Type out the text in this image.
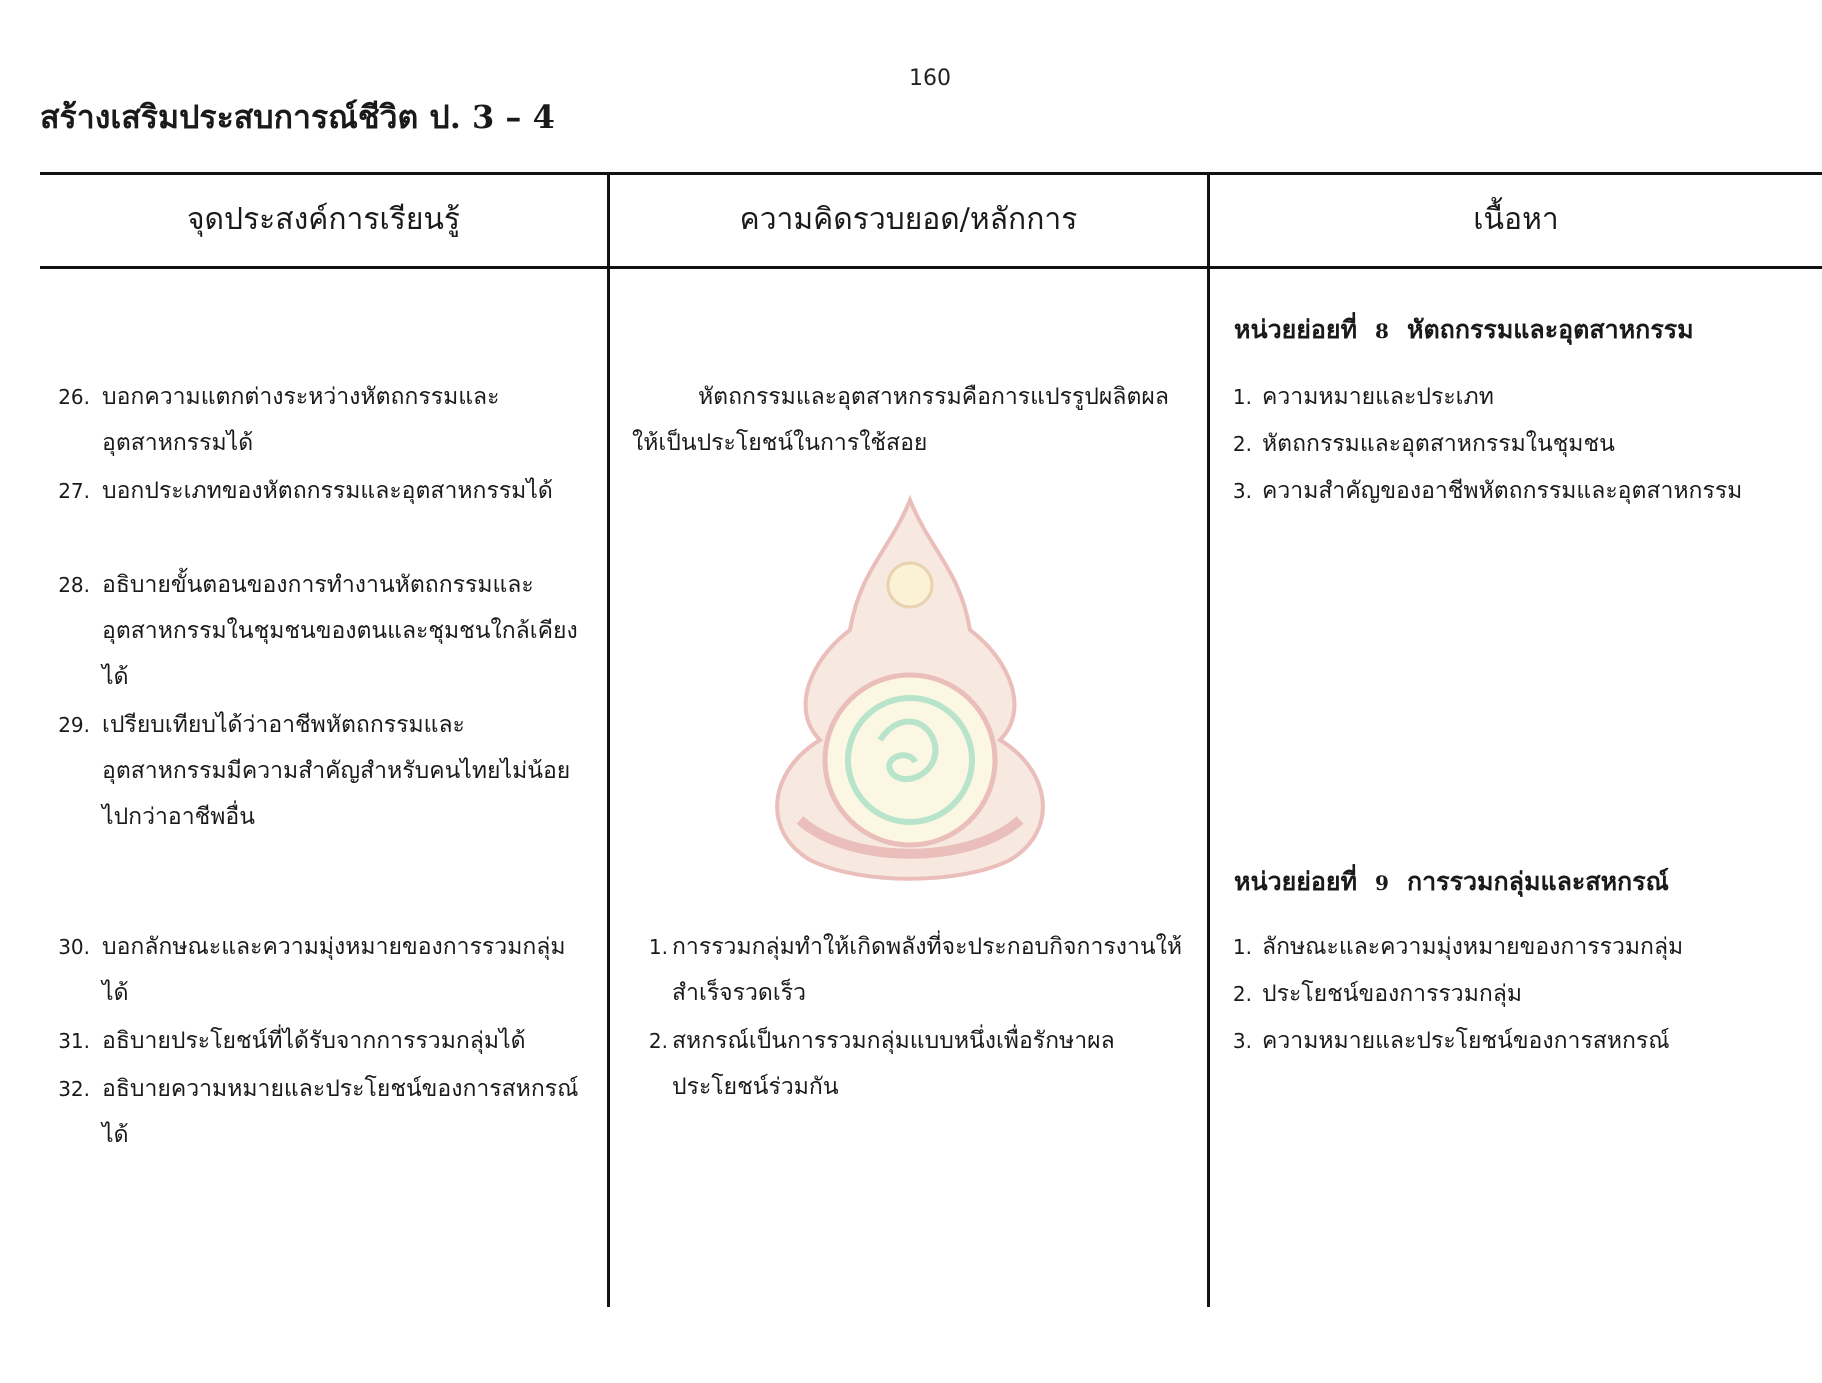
160
สร้างเสริมประสบการณ์ชีวิต ป. 3 – 4
จุดประสงค์การเรียนรู้	ความคิดรวบยอด/หลักการ	เนื้อหา
26. บอกความแตกต่างระหว่างหัตถกรรมและอุตสาหกรรมได้
27. บอกประเภทของหัตถกรรมและอุตสาหกรรมได้
28. อธิบายขั้นตอนของการทำงานหัตถกรรมและอุตสาหกรรมในชุมชนของตนและชุมชนใกล้เคียงได้
29. เปรียบเทียบได้ว่าอาชีพหัตถกรรมและอุตสาหกรรมมีความสำคัญสำหรับคนไทยไม่น้อยไปกว่าอาชีพอื่น
30. บอกลักษณะและความมุ่งหมายของการรวมกลุ่มได้
31. อธิบายประโยชน์ที่ได้รับจากการรวมกลุ่มได้
32. อธิบายความหมายและประโยชน์ของการสหกรณ์ได้
หัตถกรรมและอุตสาหกรรมคือการแปรรูปผลิตผลให้เป็นประโยชน์ในการใช้สอย
1. การรวมกลุ่มทำให้เกิดพลังที่จะประกอบกิจการงานให้สำเร็จรวดเร็ว
2. สหกรณ์เป็นการรวมกลุ่มแบบหนึ่งเพื่อรักษาผลประโยชน์ร่วมกัน
หน่วยย่อยที่ 8 หัตถกรรมและอุตสาหกรรม
1. ความหมายและประเภท
2. หัตถกรรมและอุตสาหกรรมในชุมชน
3. ความสำคัญของอาชีพหัตถกรรมและอุตสาหกรรม
หน่วยย่อยที่ 9 การรวมกลุ่มและสหกรณ์
1. ลักษณะและความมุ่งหมายของการรวมกลุ่ม
2. ประโยชน์ของการรวมกลุ่ม
3. ความหมายและประโยชน์ของการสหกรณ์
